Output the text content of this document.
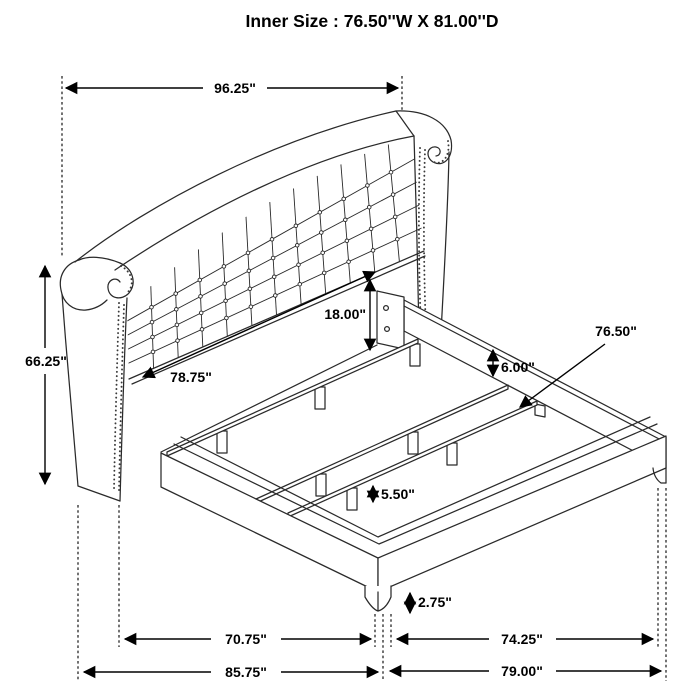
Inner Size : 76.50''W X 81.00''D
96.25"
66.25"
18.00"
78.75"
6.00"
76.50"
5.50"
2.75"
70.75"	74.25"
85.75"	79.00"
